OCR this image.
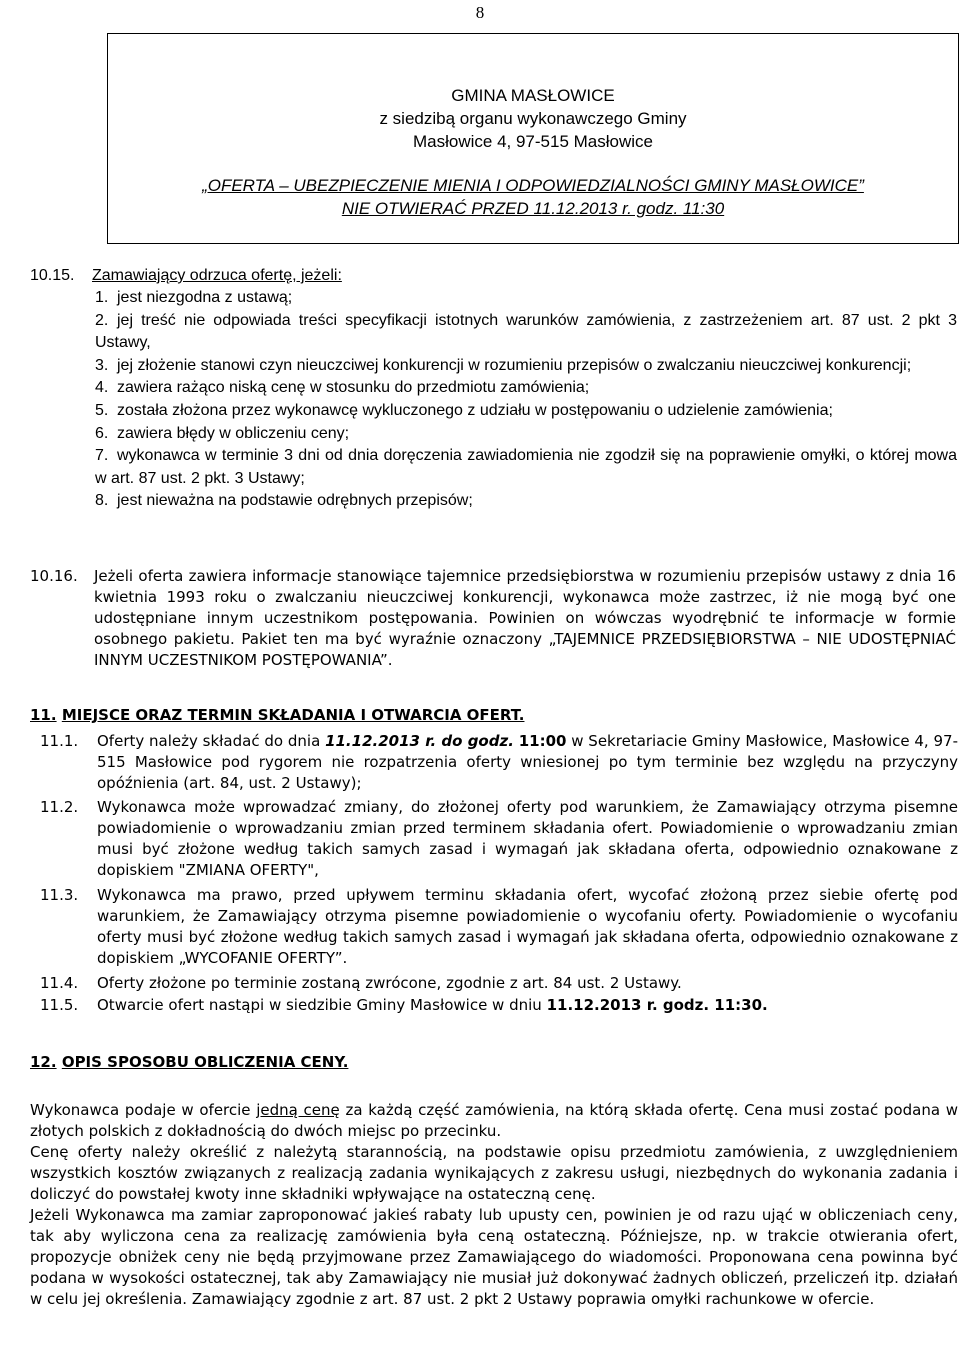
8
GMINA MASŁOWICE
z siedzibą organu wykonawczego Gminy
Masłowice 4, 97-515 Masłowice
„OFERTA – UBEZPIECZENIE MIENIA I ODPOWIEDZIALNOŚCI GMINY MASŁOWICE”
NIE OTWIERAĆ PRZED 11.12.2013 r. godz. 11:30
10.15. Zamawiający odrzuca ofertę, jeżeli:
1. jest niezgodna z ustawą;
2. jej treść nie odpowiada treści specyfikacji istotnych warunków zamówienia, z zastrzeżeniem art. 87 ust. 2 pkt 3 Ustawy,
3. jej złożenie stanowi czyn nieuczciwej konkurencji w rozumieniu przepisów o zwalczaniu nieuczciwej konkurencji;
4. zawiera rażąco niską cenę w stosunku do przedmiotu zamówienia;
5. została złożona przez wykonawcę wykluczonego z udziału w postępowaniu o udzielenie zamówienia;
6. zawiera błędy w obliczeniu ceny;
7. wykonawca w terminie 3 dni od dnia doręczenia zawiadomienia nie zgodził się na poprawienie omyłki, o której mowa w art. 87 ust. 2 pkt. 3 Ustawy;
8. jest nieważna na podstawie odrębnych przepisów;
10.16. Jeżeli oferta zawiera informacje stanowiące tajemnice przedsiębiorstwa w rozumieniu przepisów ustawy z dnia 16 kwietnia 1993 roku o zwalczaniu nieuczciwej konkurencji, wykonawca może zastrzec, iż nie mogą być one udostępniane innym uczestnikom postępowania. Powinien on wówczas wyodrębnić te informacje w formie osobnego pakietu. Pakiet ten ma być wyraźnie oznaczony „TAJEMNICE PRZEDSIĘBIORSTWA – NIE UDOSTĘPNIAĆ INNYM UCZESTNIKOM POSTĘPOWANIA”.
11. MIEJSCE ORAZ TERMIN SKŁADANIA I OTWARCIA OFERT.
11.1. Oferty należy składać do dnia 11.12.2013 r. do godz. 11:00 w Sekretariacie Gminy Masłowice, Masłowice 4, 97-515 Masłowice pod rygorem nie rozpatrzenia oferty wniesionej po tym terminie bez względu na przyczyny opóźnienia (art. 84, ust. 2 Ustawy);
11.2. Wykonawca może wprowadzać zmiany, do złożonej oferty pod warunkiem, że Zamawiający otrzyma pisemne powiadomienie o wprowadzaniu zmian przed terminem składania ofert. Powiadomienie o wprowadzaniu zmian musi być złożone według takich samych zasad i wymagań jak składana oferta, odpowiednio oznakowane z dopiskiem "ZMIANA OFERTY",
11.3. Wykonawca ma prawo, przed upływem terminu składania ofert, wycofać złożoną przez siebie ofertę pod warunkiem, że Zamawiający otrzyma pisemne powiadomienie o wycofaniu oferty. Powiadomienie o wycofaniu oferty musi być złożone według takich samych zasad i wymagań jak składana oferta, odpowiednio oznakowane z dopiskiem „WYCOFANIE OFERTY”.
11.4. Oferty złożone po terminie zostaną zwrócone, zgodnie z art. 84 ust. 2 Ustawy.
11.5. Otwarcie ofert nastąpi w siedzibie Gminy Masłowice w dniu 11.12.2013 r. godz. 11:30.
12. OPIS SPOSOBU OBLICZENIA CENY.

Wykonawca podaje w ofercie jedną cenę za każdą część zamówienia, na którą składa ofertę. Cena musi zostać podana w złotych polskich z dokładnością do dwóch miejsc po przecinku.

Cenę oferty należy określić z należytą starannością, na podstawie opisu przedmiotu zamówienia, z uwzględnieniem wszystkich kosztów związanych z realizacją zadania wynikających z zakresu usługi, niezbędnych do wykonania zadania i doliczyć do powstałej kwoty inne składniki wpływające na ostateczną cenę.

Jeżeli Wykonawca ma zamiar zaproponować jakieś rabaty lub upusty cen, powinien je od razu ująć w obliczeniach ceny, tak aby wyliczona cena za realizację zamówienia była ceną ostateczną. Późniejsze, np. w trakcie otwierania ofert, propozycje obniżek ceny nie będą przyjmowane przez Zamawiającego do wiadomości. Proponowana cena powinna być podana w wysokości ostatecznej, tak aby Zamawiający nie musiał już dokonywać żadnych obliczeń, przeliczeń itp. działań w celu jej określenia. Zamawiający zgodnie z art. 87 ust. 2 pkt 2 Ustawy poprawia omyłki rachunkowe w ofercie.
